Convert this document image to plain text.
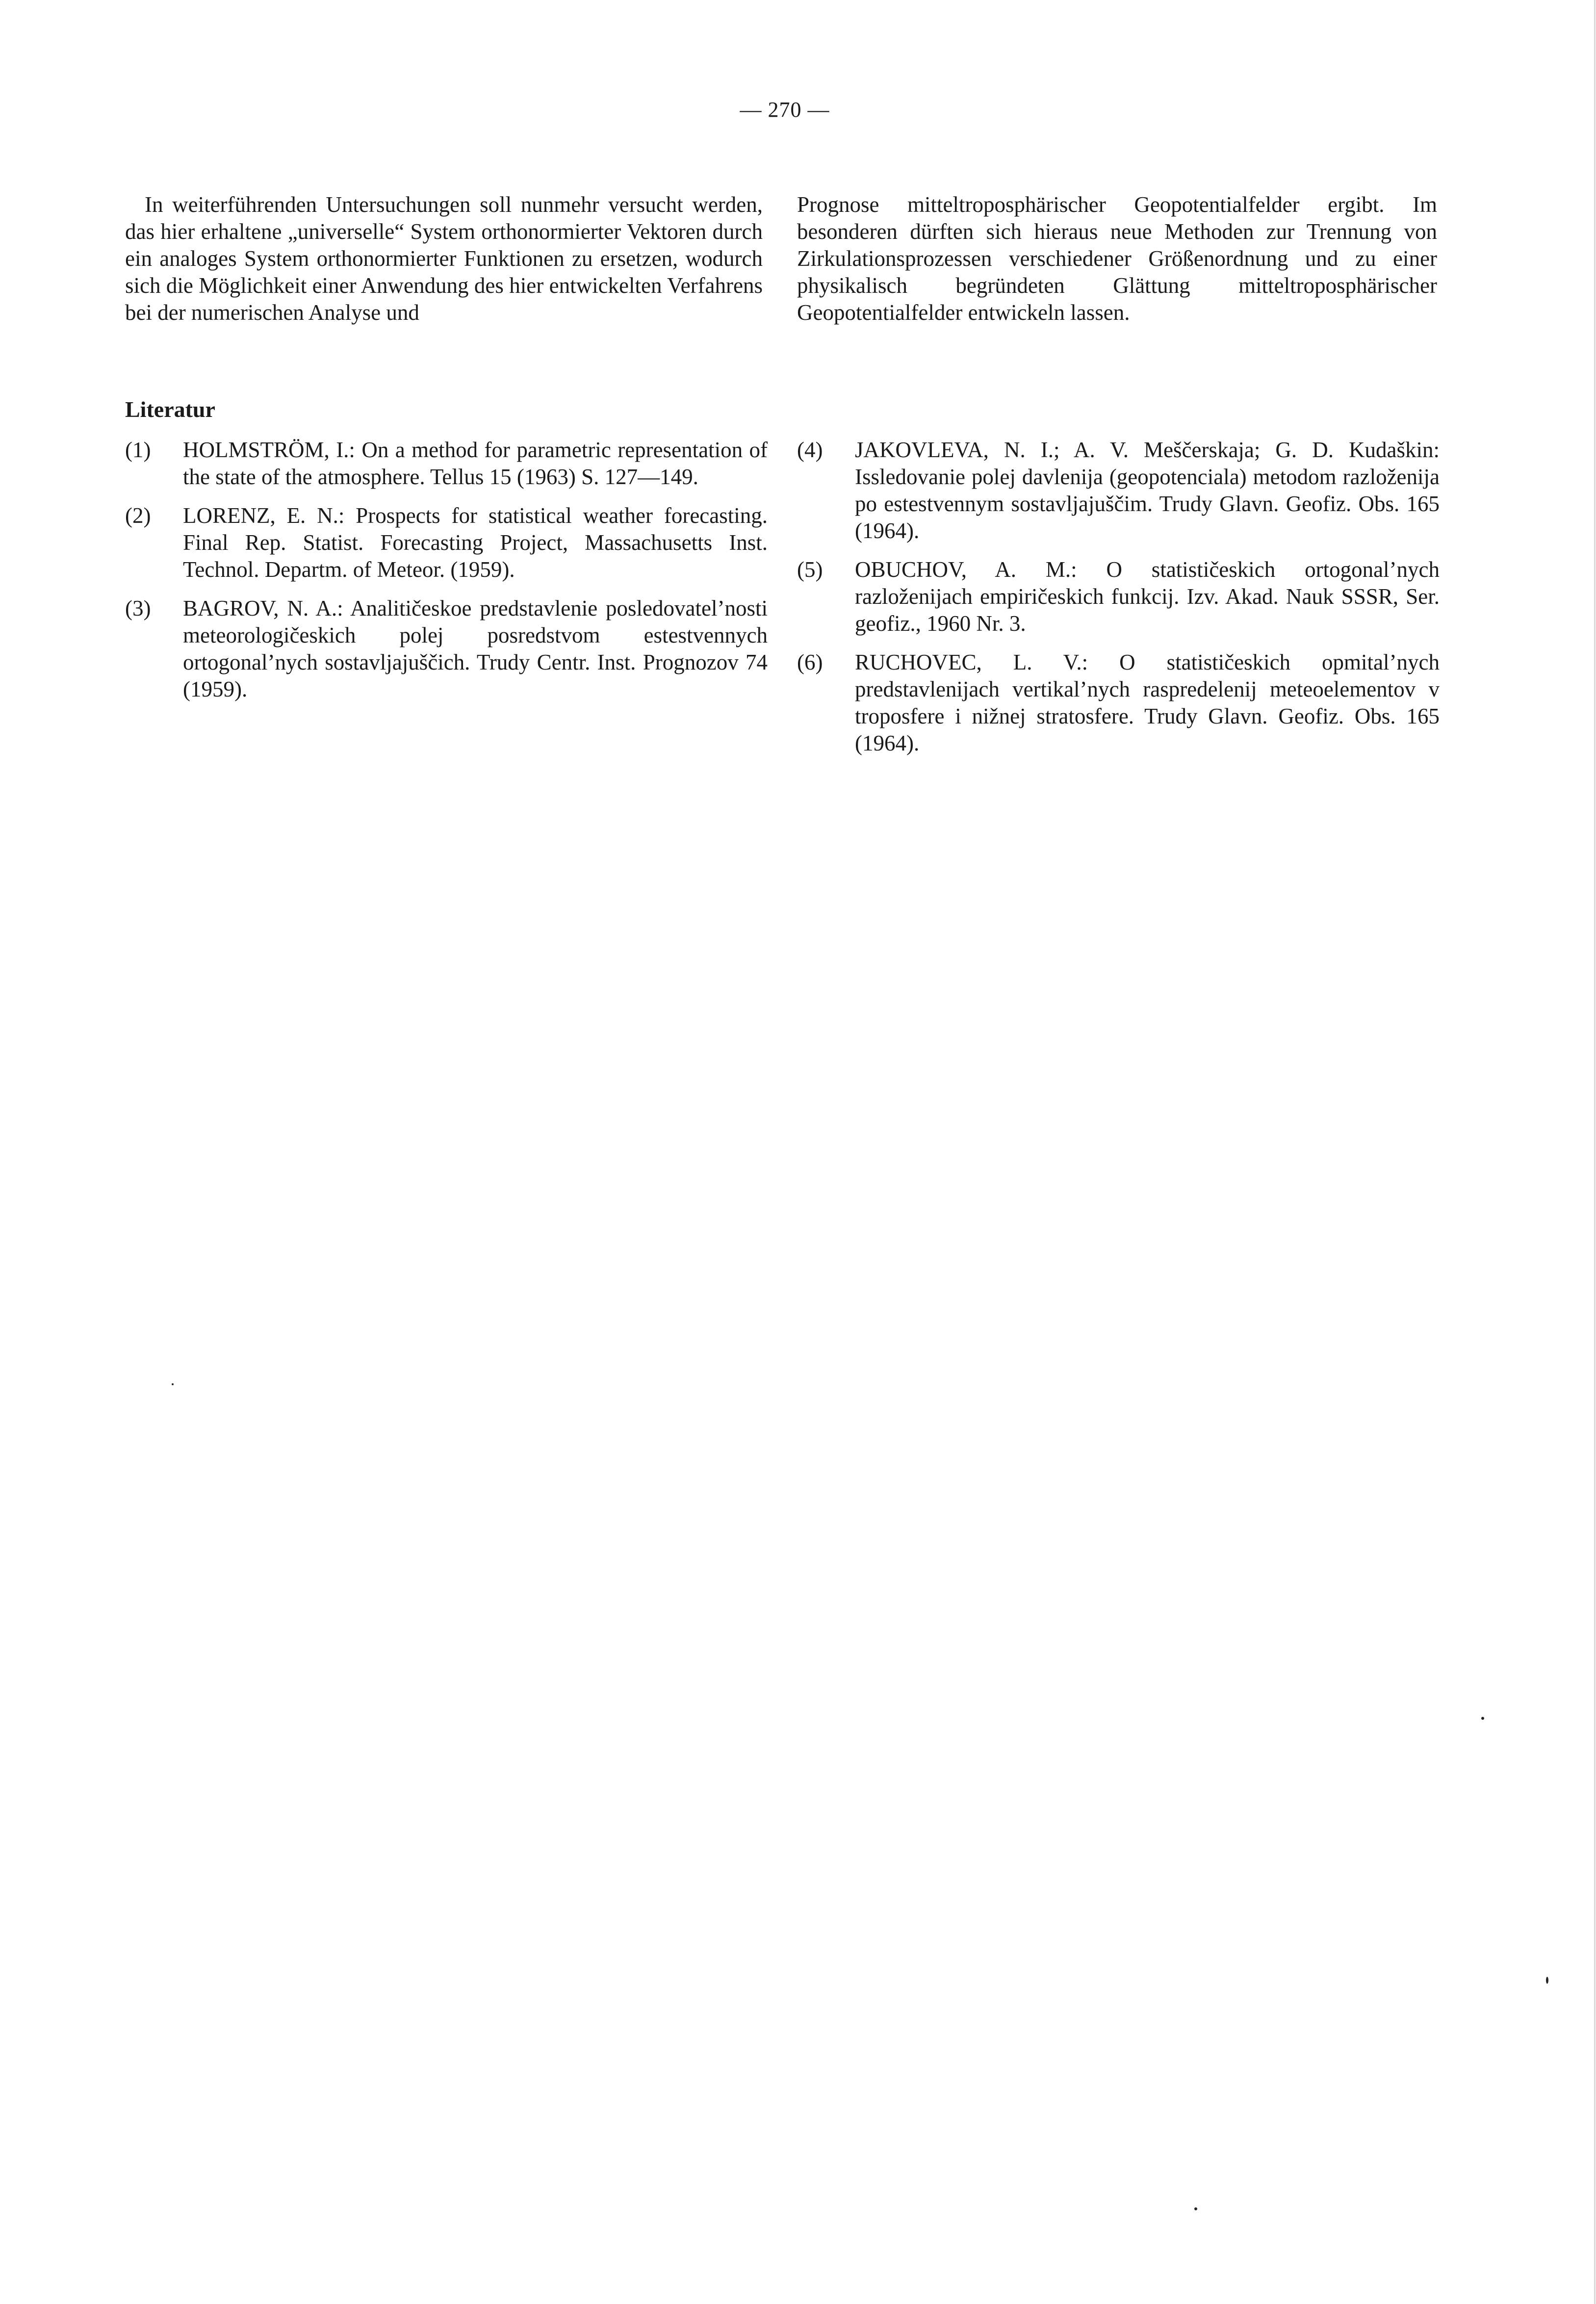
— 270 —

In weiterführenden Untersuchungen soll nunmehr versucht werden, das hier erhaltene „universelle“ System orthonormierter Vektoren durch ein analoges System orthonormierter Funktionen zu ersetzen, wodurch sich die Möglichkeit einer Anwendung des hier entwickelten Verfahrens bei der numerischen Analyse und

Prognose mitteltroposphärischer Geopotentialfelder ergibt. Im besonderen dürften sich hieraus neue Methoden zur Trennung von Zirkulationsprozessen verschiedener Größenordnung und zu einer physikalisch begründeten Glättung mitteltroposphärischer Geopotentialfelder entwickeln lassen.

Literatur
(1)	HOLMSTRÖM, I.: On a method for parametric representation of the state of the atmosphere. Tellus 15 (1963) S. 127—149.
(2)	LORENZ, E. N.: Prospects for statistical weather forecasting. Final Rep. Statist. Forecasting Project, Massachusetts Inst. Technol. Departm. of Meteor. (1959).
(3)	BAGROV, N. A.: Analitičeskoe predstavlenie posledovatel’nosti meteorologičeskich polej posredstvom estestvennych ortogonal’nych sostavljajuščich. Trudy Centr. Inst. Prognozov 74 (1959).
(4)	JAKOVLEVA, N. I.; A. V. Meščerskaja; G. D. Kudaškin: Issledovanie polej davlenija (geopotenciala) metodom razloženija po estestvennym sostavljajuščim. Trudy Glavn. Geofiz. Obs. 165 (1964).
(5)	OBUCHOV, A. M.: O statističeskich ortogonal’nych razloženijach empiričeskich funkcij. Izv. Akad. Nauk SSSR, Ser. geofiz., 1960 Nr. 3.
(6)	RUCHOVEC, L. V.: O statističeskich opmital’nych predstavlenijach vertikal’nych raspredelenij meteoelementov v troposfere i nižnej stratosfere. Trudy Glavn. Geofiz. Obs. 165 (1964).
